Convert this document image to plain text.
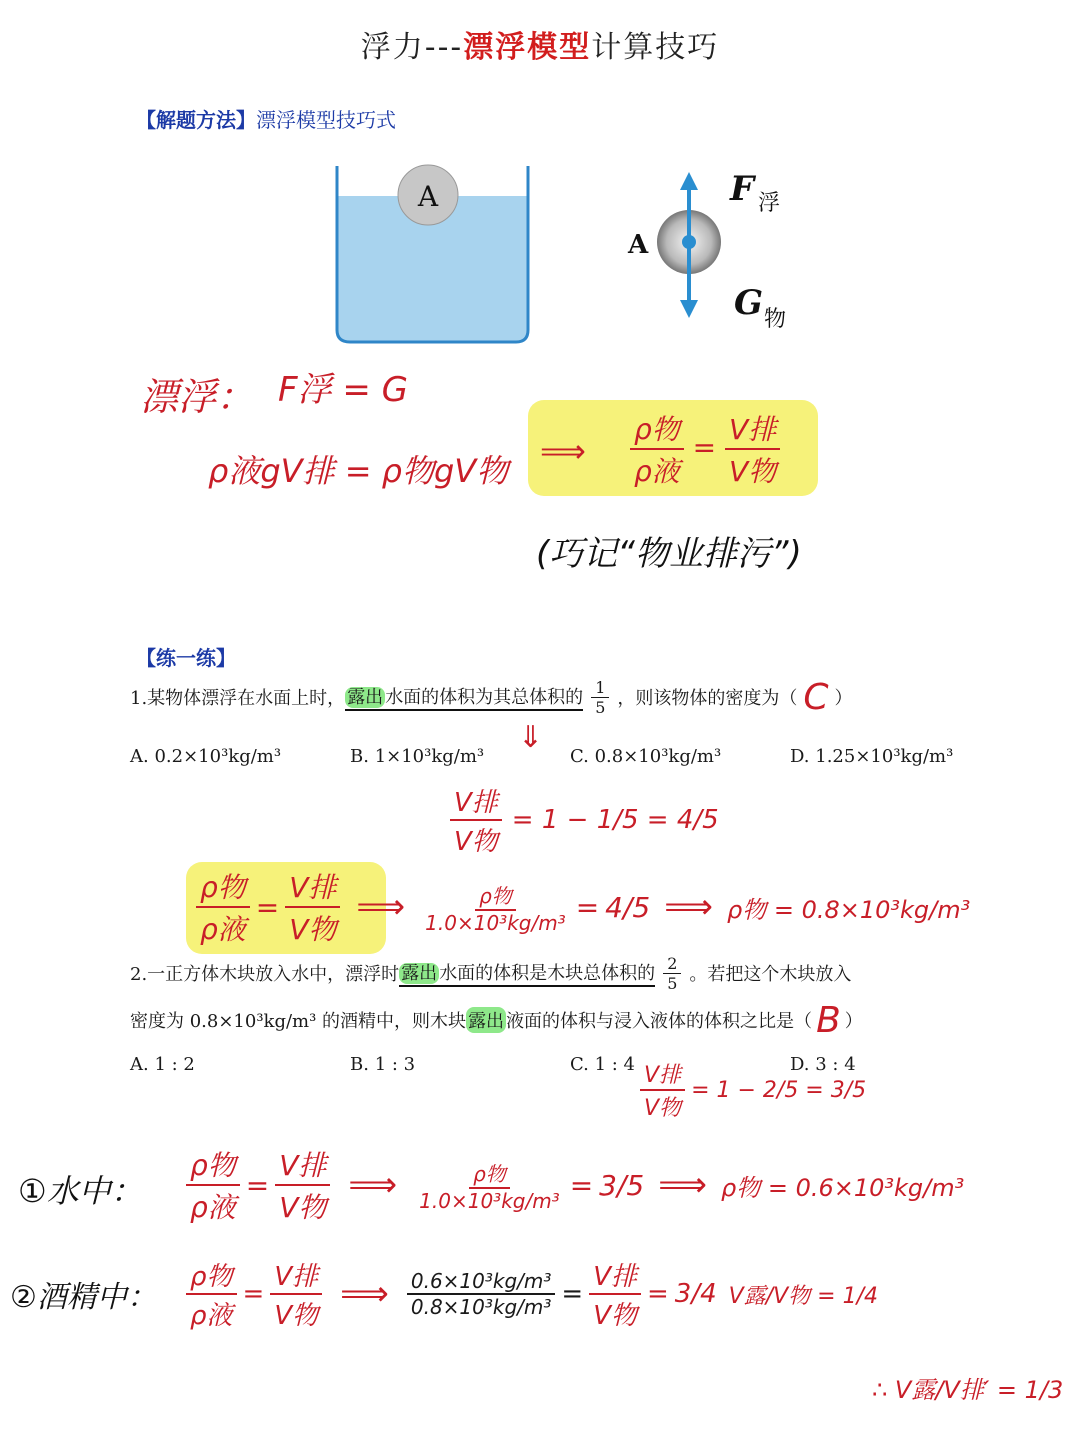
浮力---漂浮模型计算技巧
【解题方法】漂浮模型技巧式
A
A
F 浮
G 物
漂浮： F浮 = G
ρ液gV排 = ρ物gV物
⟹ $\frac{\text{ρ物}}{\text{ρ液}} = \frac{\text{V排}}{\text{V物}}$
(巧记“物业排污”)
【练一练】
1.某物体漂浮在水面上时， 露出 水面的体积为其总体积的 $\frac{1}{5}$ ，则该物体的密度为（ C ）
A. 0.2×10³kg/m³	B. 1×10³kg/m³	C. 0.8×10³kg/m³	D. 1.25×10³kg/m³
⇓
$\frac{\text{V排}}{\text{V物}} = 1 - 1/5 = 4/5$
$\frac{\text{ρ物}}{\text{ρ液}} = \frac{\text{V排}}{\text{V物}}$ ⟹ $\frac{\text{ρ物}}{\text{1.0×10³kg/m³}} = 4/5$ ⟹ ρ物 = 0.8×10³kg/m³
2.一正方体木块放入水中，漂浮时 露出 水面的体积是木块总体积的 $\frac{2}{5}$ 。若把这个木块放入
密度为 0.8×10³kg/m³ 的酒精中，则木块 露出 液面的体积与浸入液体的体积之比是（ B ）
A. 1 : 2	B. 1 : 3	C. 1 : 4	D. 3 : 4
$\frac{\text{V排}}{\text{V物}} = 1 - 2/5 = 3/5$
①水中： $\frac{\text{ρ物}}{\text{ρ液}} = \frac{\text{V排}}{\text{V物}}$ ⟹ $\frac{\text{ρ物}}{\text{1.0×10³kg/m³}} = 3/5$ ⟹ ρ物 = 0.6×10³kg/m³
②酒精中： $\frac{\text{ρ物}}{\text{ρ液}} = \frac{\text{V排}}{\text{V物}}$ ⟹ $\frac{\text{0.6×10³kg/m³}}{\text{0.8×10³kg/m³}} = \frac{\text{V排}}{\text{V物}} = 3/4$ V露/V物 = 1/4
∴ V露/V排′ = 1/3
